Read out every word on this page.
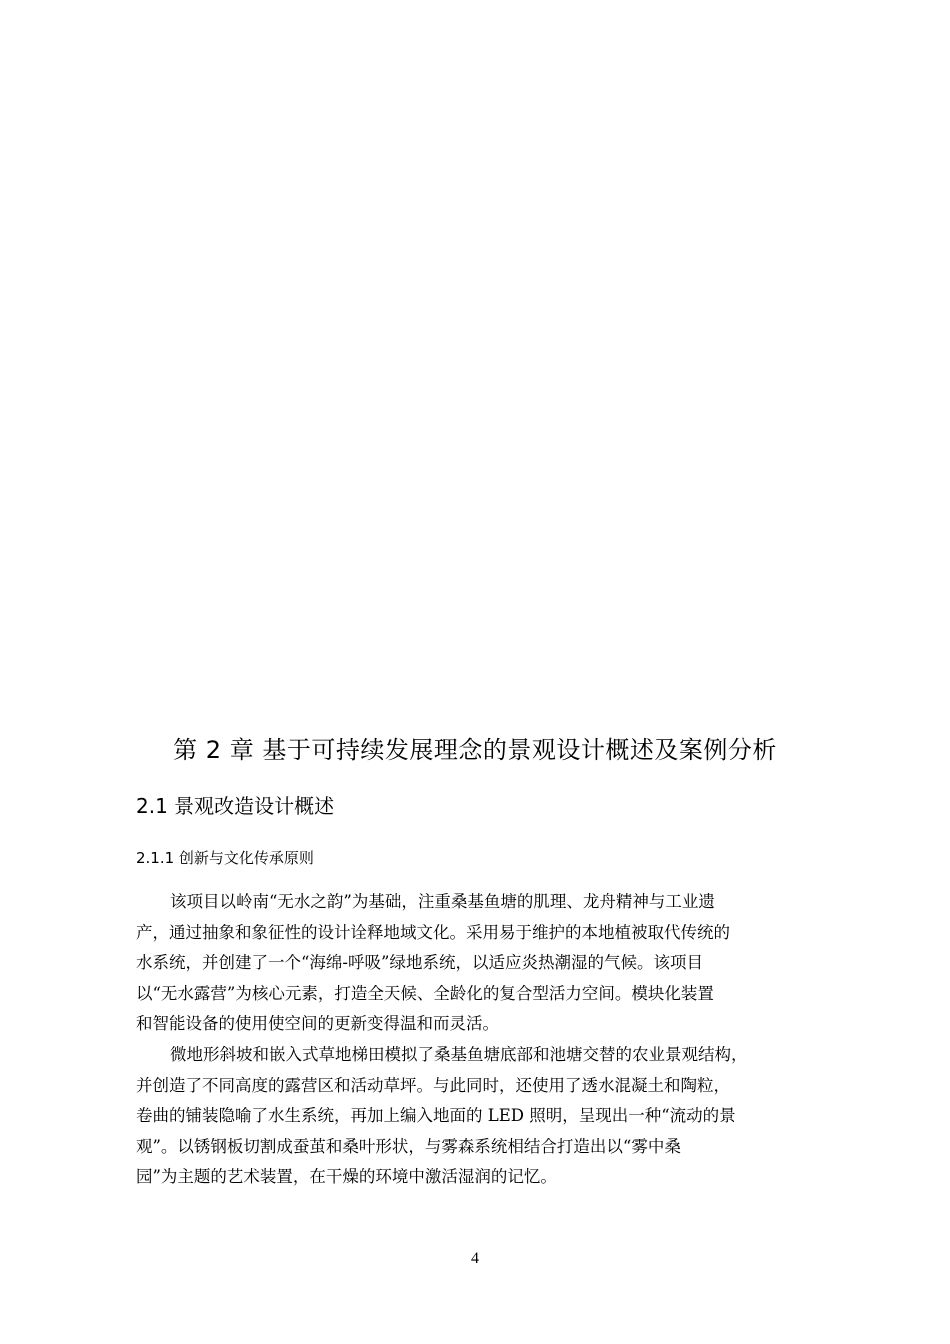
第 2 章 基于可持续发展理念的景观设计概述及案例分析
2.1 景观改造设计概述
2.1.1 创新与文化传承原则
该项目以岭南“无水之韵”为基础，注重桑基鱼塘的肌理、龙舟精神与工业遗
产，通过抽象和象征性的设计诠释地域文化。采用易于维护的本地植被取代传统的
水系统，并创建了一个“海绵-呼吸”绿地系统，以适应炎热潮湿的气候。该项目
以“无水露营”为核心元素，打造全天候、全龄化的复合型活力空间。模块化装置
和智能设备的使用使空间的更新变得温和而灵活。
微地形斜坡和嵌入式草地梯田模拟了桑基鱼塘底部和池塘交替的农业景观结构，
并创造了不同高度的露营区和活动草坪。与此同时，还使用了透水混凝土和陶粒，
卷曲的铺装隐喻了水生系统，再加上编入地面的 LED 照明，呈现出一种“流动的景
观”。以锈钢板切割成蚕茧和桑叶形状，与雾森系统相结合打造出以“雾中桑
园”为主题的艺术装置，在干燥的环境中激活湿润的记忆。
4
